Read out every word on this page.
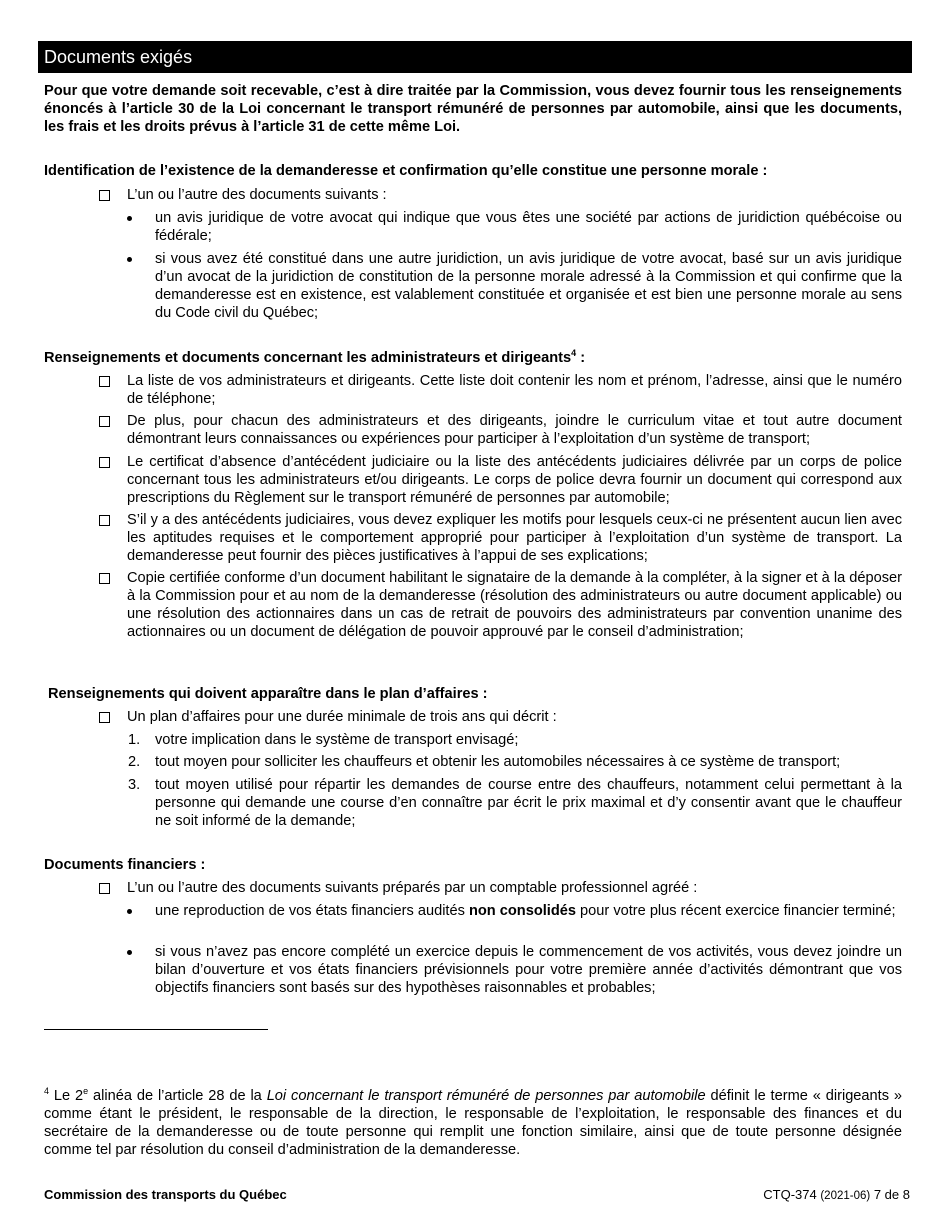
Documents exigés
Pour que votre demande soit recevable, c’est à dire traitée par la Commission, vous devez fournir tous les renseignements énoncés à l’article 30 de la Loi concernant le transport rémunéré de personnes par automobile, ainsi que les documents, les frais et les droits prévus à l’article 31 de cette même Loi.
Identification de l’existence de la demanderesse et confirmation qu’elle constitue une personne morale :
L’un ou l’autre des documents suivants :
un avis juridique de votre avocat qui indique que vous êtes une société par actions de juridiction québécoise ou fédérale;
si vous avez été constitué dans une autre juridiction, un avis juridique de votre avocat, basé sur un avis juridique d’un avocat de la juridiction de constitution de la personne morale adressé à la Commission et qui confirme que la demanderesse est en existence, est valablement constituée et organisée et est bien une personne morale au sens du Code civil du Québec;
Renseignements et documents concernant les administrateurs et dirigeants$^4$ :
La liste de vos administrateurs et dirigeants. Cette liste doit contenir les nom et prénom, l’adresse, ainsi que le numéro de téléphone;
De plus, pour chacun des administrateurs et des dirigeants, joindre le curriculum vitae et tout autre document démontrant leurs connaissances ou expériences pour participer à l’exploitation d’un système de transport;
Le certificat d’absence d’antécédent judiciaire ou la liste des antécédents judiciaires délivrée par un corps de police concernant tous les administrateurs et/ou dirigeants. Le corps de police devra fournir un document qui correspond aux prescriptions du Règlement sur le transport rémunéré de personnes par automobile;
S’il y a des antécédents judiciaires, vous devez expliquer les motifs pour lesquels ceux-ci ne présentent aucun lien avec les aptitudes requises et le comportement approprié pour participer à l’exploitation d’un système de transport. La demanderesse peut fournir des pièces justificatives à l’appui de ses explications;
Copie certifiée conforme d’un document habilitant le signataire de la demande à la compléter, à la signer et à la déposer à la Commission pour et au nom de la demanderesse (résolution des administrateurs ou autre document applicable) ou une résolution des actionnaires dans un cas de retrait de pouvoirs des administrateurs par convention unanime des actionnaires ou un document de délégation de pouvoir approuvé par le conseil d’administration;
Renseignements qui doivent apparaître dans le plan d’affaires :
Un plan d’affaires pour une durée minimale de trois ans qui décrit :
1. votre implication dans le système de transport envisagé;
2. tout moyen pour solliciter les chauffeurs et obtenir les automobiles nécessaires à ce système de transport;
3. tout moyen utilisé pour répartir les demandes de course entre des chauffeurs, notamment celui permettant à la personne qui demande une course d’en connaître par écrit le prix maximal et d’y consentir avant que le chauffeur ne soit informé de la demande;
Documents financiers :
L’un ou l’autre des documents suivants préparés par un comptable professionnel agréé :
une reproduction de vos états financiers audités non consolidés pour votre plus récent exercice financier terminé;
si vous n’avez pas encore complété un exercice depuis le commencement de vos activités, vous devez joindre un bilan d’ouverture et vos états financiers prévisionnels pour votre première année d’activités démontrant que vos objectifs financiers sont basés sur des hypothèses raisonnables et probables;
$^4$ Le 2e alinéa de l’article 28 de la Loi concernant le transport rémunéré de personnes par automobile définit le terme « dirigeants » comme étant le président, le responsable de la direction, le responsable de l’exploitation, le responsable des finances et du secrétaire de la demanderesse ou de toute personne qui remplit une fonction similaire, ainsi que de toute personne désignée comme tel par résolution du conseil d’administration de la demanderesse.
Commission des transports du Québec	CTQ-374 (2021-06) 7 de 8
